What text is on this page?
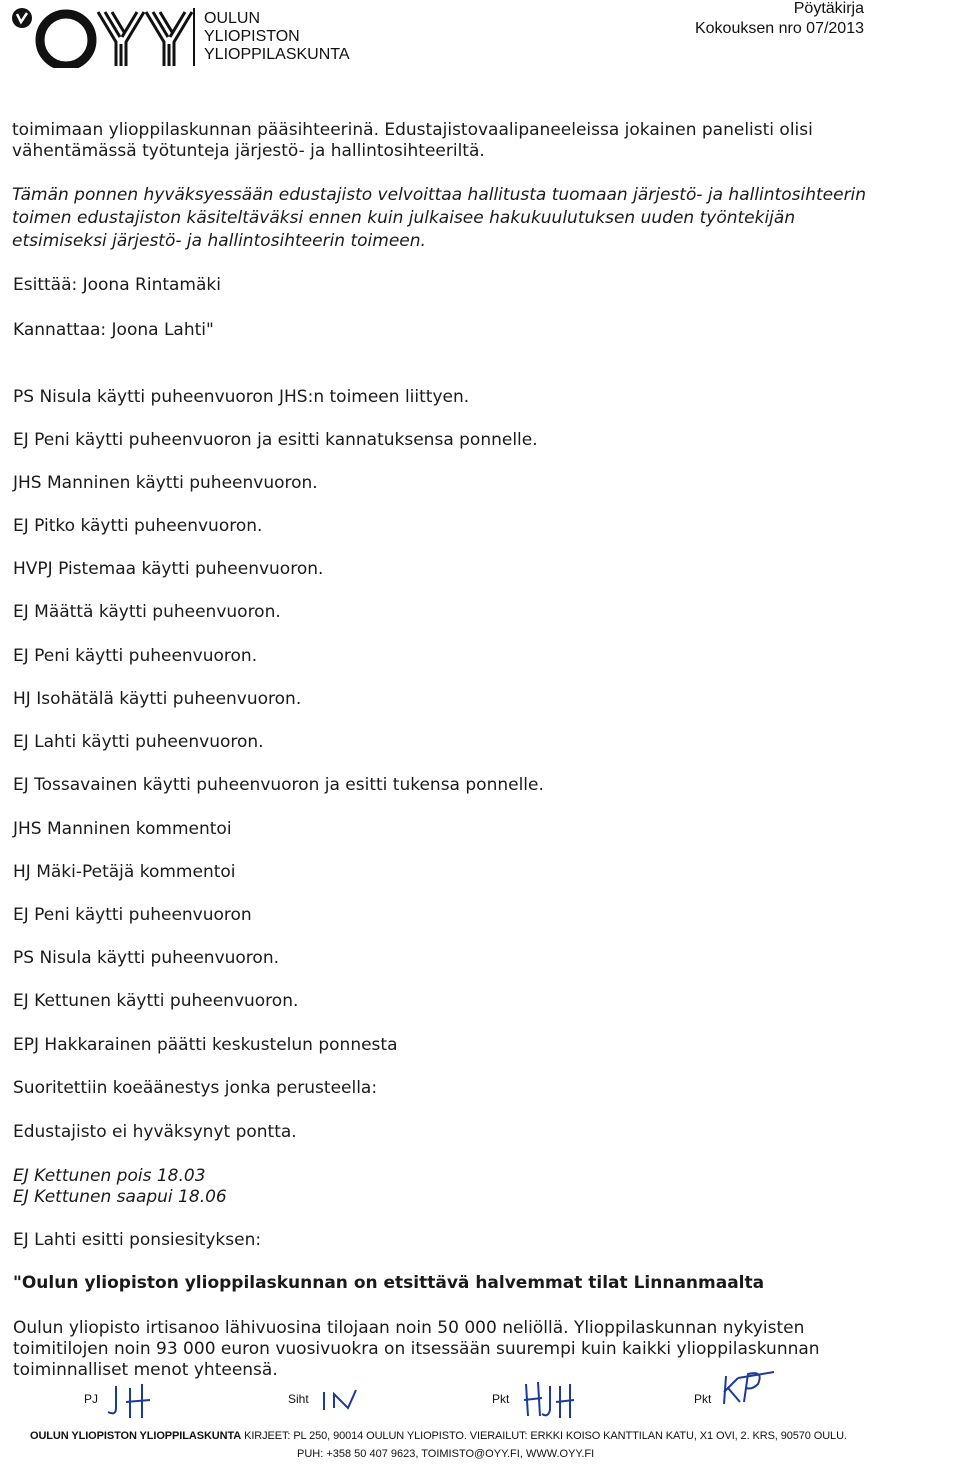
OULUN
YLIOPISTON
YLIOPPILASKUNTA
Pöytäkirja
Kokouksen nro 07/2013
toimimaan ylioppilaskunnan pääsihteerinä. Edustajistovaalipaneeleissa jokainen panelisti olisi
vähentämässä työtunteja järjestö- ja hallintosihteeriltä.
Tämän ponnen hyväksyessään edustajisto velvoittaa hallitusta tuomaan järjestö- ja hallintosihteerin
toimen edustajiston käsiteltäväksi ennen kuin julkaisee hakukuulutuksen uuden työntekijän
etsimiseksi järjestö- ja hallintosihteerin toimeen.
Esittää: Joona Rintamäki
Kannattaa: Joona Lahti"
PS Nisula käytti puheenvuoron JHS:n toimeen liittyen.
EJ Peni käytti puheenvuoron ja esitti kannatuksensa ponnelle.
JHS Manninen käytti puheenvuoron.
EJ Pitko käytti puheenvuoron.
HVPJ Pistemaa käytti puheenvuoron.
EJ Määttä käytti puheenvuoron.
EJ Peni käytti puheenvuoron.
HJ Isohätälä käytti puheenvuoron.
EJ Lahti käytti puheenvuoron.
EJ Tossavainen käytti puheenvuoron ja esitti tukensa ponnelle.
JHS Manninen kommentoi
HJ Mäki-Petäjä kommentoi
EJ Peni käytti puheenvuoron
PS Nisula käytti puheenvuoron.
EJ Kettunen käytti puheenvuoron.
EPJ Hakkarainen päätti keskustelun ponnesta
Suoritettiin koeäänestys jonka perusteella:
Edustajisto ei hyväksynyt pontta.
EJ Kettunen pois 18.03
EJ Kettunen saapui 18.06
EJ Lahti esitti ponsiesityksen:
"Oulun yliopiston ylioppilaskunnan on etsittävä halvemmat tilat Linnanmaalta
Oulun yliopisto irtisanoo lähivuosina tilojaan noin 50 000 neliöllä. Ylioppilaskunnan nykyisten
toimitilojen noin 93 000 euron vuosivuokra on itsessään suurempi kuin kaikki ylioppilaskunnan
toiminnalliset menot yhteensä.
PJ	Siht	Pkt	Pkt
OULUN YLIOPISTON YLIOPPILASKUNTA KIRJEET: PL 250, 90014 OULUN YLIOPISTO. VIERAILUT: ERKKI KOISO KANTTILAN KATU, X1 OVI, 2. KRS, 90570 OULU.
PUH: +358 50 407 9623, TOIMISTO@OYY.FI, WWW.OYY.FI
